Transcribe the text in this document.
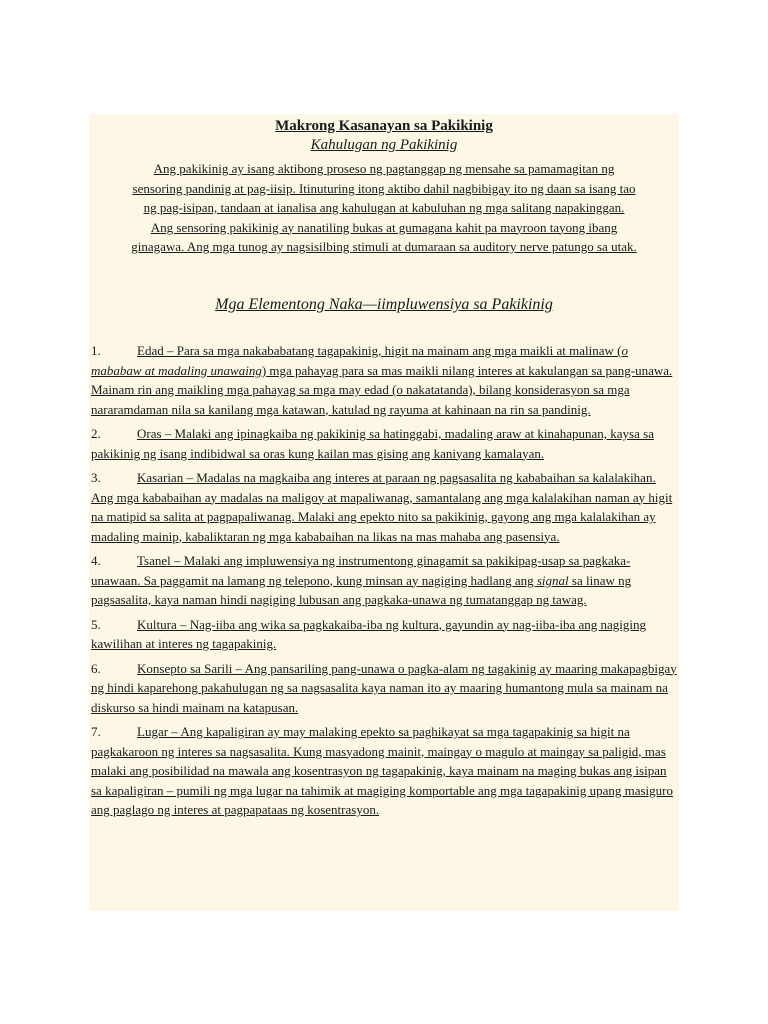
Makrong Kasanayan sa Pakikinig
Kahulugan ng Pakikinig
Ang pakikinig ay isang aktibong proseso ng pagtanggap ng mensahe sa pamamagitan ng
sensoring pandinig at pag-iisip. Itinuturing itong aktibo dahil nagbibigay ito ng daan sa isang tao
ng pag-isipan, tandaan at ianalisa ang kahulugan at kabuluhan ng mga salitang napakinggan.
Ang sensoring pakikinig ay nanatiling bukas at gumagana kahit pa mayroon tayong ibang
ginagawa. Ang mga tunog ay nagsisilbing stimuli at dumaraan sa auditory nerve patungo sa utak.
Mga Elementong Naka—iimpluwensiya sa Pakikinig

1.	Edad – Para sa mga nakababatang tagapakinig, higit na mainam ang mga maikli at malinaw (o mababaw at madaling unawaing) mga pahayag para sa mas maikli nilang interes at kakulangan sa pang-unawa. Mainam rin ang maikling mga pahayag sa mga may edad (o nakatatanda), bilang konsiderasyon sa mga nararamdaman nila sa kanilang mga katawan, katulad ng rayuma at kahinaan na rin sa pandinig.

2.	Oras – Malaki ang ipinagkaiba ng pakikinig sa hatinggabi, madaling araw at kinahapunan, kaysa sa pakikinig ng isang indibidwal sa oras kung kailan mas gising ang kaniyang kamalayan.

3.	Kasarian – Madalas na magkaiba ang interes at paraan ng pagsasalita ng kababaihan sa kalalakihan. Ang mga kababaihan ay madalas na maligoy at mapaliwanag, samantalang ang mga kalalakihan naman ay higit na matipid sa salita at pagpapaliwanag. Malaki ang epekto nito sa pakikinig, gayong ang mga kalalakihan ay madaling mainip, kabaliktaran ng mga kababaihan na likas na mas mahaba ang pasensiya.

4.	Tsanel – Malaki ang impluwensiya ng instrumentong ginagamit sa pakikipag-usap sa pagkaka-unawaan. Sa paggamit na lamang ng telepono, kung minsan ay nagiging hadlang ang signal sa linaw ng pagsasalita, kaya naman hindi nagiging lubusan ang pagkaka-unawa ng tumatanggap ng tawag.

5.	Kultura – Nag-iiba ang wika sa pagkakaiba-iba ng kultura, gayundin ay nag-iiba-iba ang nagiging kawilihan at interes ng tagapakinig.

6.	Konsepto sa Sarili – Ang pansariling pang-unawa o pagka-alam ng tagakinig ay maaring makapagbigay ng hindi kaparehong pakahulugan ng sa nagsasalita kaya naman ito ay maaring humantong mula sa mainam na diskurso sa hindi mainam na katapusan.

7.	Lugar – Ang kapaligiran ay may malaking epekto sa paghikayat sa mga tagapakinig sa higit na pagkakaroon ng interes sa nagsasalita. Kung masyadong mainit, maingay o magulo at maingay sa paligid, mas malaki ang posibilidad na mawala ang kosentrasyon ng tagapakinig, kaya mainam na maging bukas ang isipan sa kapaligiran – pumili ng mga lugar na tahimik at magiging komportable ang mga tagapakinig upang masiguro ang paglago ng interes at pagpapataas ng kosentrasyon.
